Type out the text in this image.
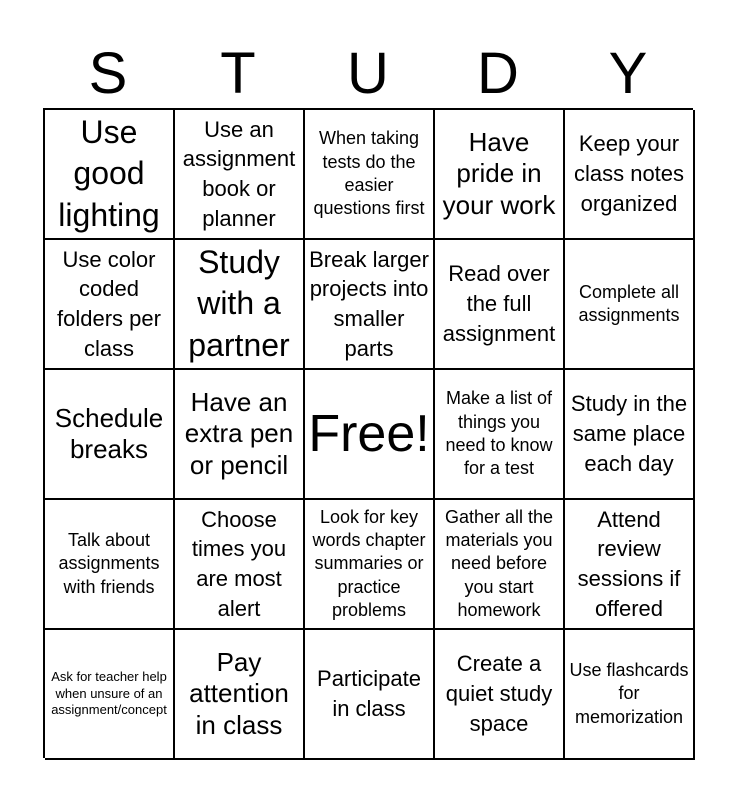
S	T	U	D	Y
Use good lighting
Use an assignment book or planner
When taking tests do the easier questions first
Have pride in your work
Keep your class notes organized
Use color coded folders per class
Study with a partner
Break larger projects into smaller parts
Read over the full assignment
Complete all assignments
Schedule breaks
Have an extra pen or pencil
Free!
Make a list of things you need to know for a test
Study in the same place each day
Talk about assignments with friends
Choose times you are most alert
Look for key words chapter summaries or practice problems
Gather all the materials you need before you start homework
Attend review sessions if offered
Ask for teacher help when unsure of an assignment/concept
Pay attention in class
Participate in class
Create a quiet study space
Use flashcards for memorization
